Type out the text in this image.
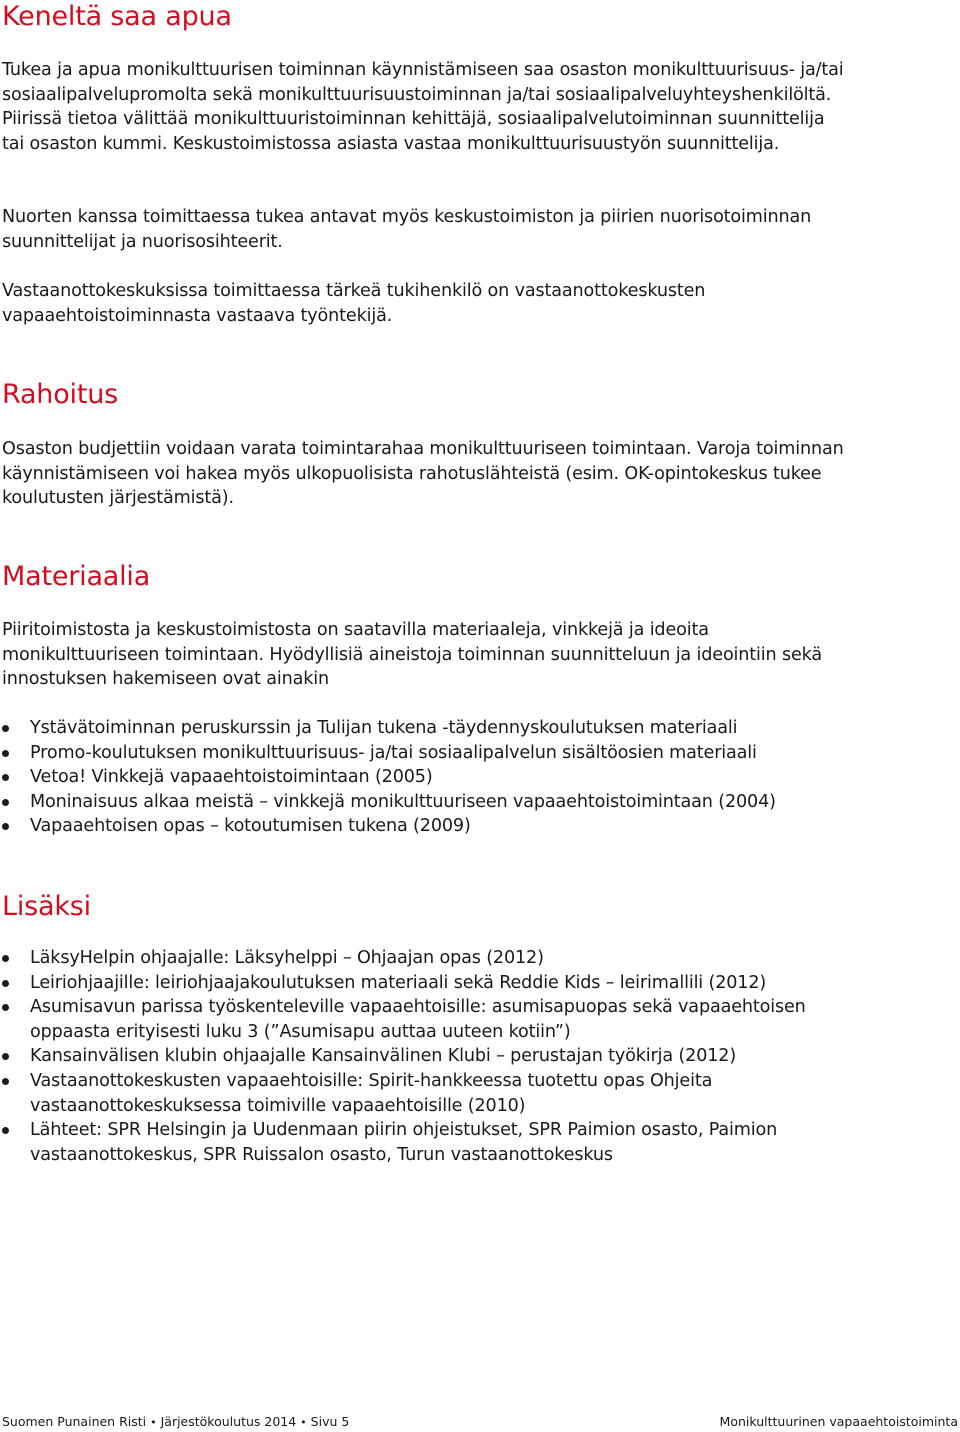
Keneltä saa apua

Tukea ja apua monikulttuurisen toiminnan käynnistämiseen saa osaston monikulttuurisuus- ja/tai sosiaalipalvelupromolta sekä monikulttuurisuustoiminnan ja/tai sosiaalipalveluyhteyshenkilöltä. Piirissä tietoa välittää monikulttuuristoiminnan kehittäjä, sosiaalipalvelutoiminnan suunnittelija tai osaston kummi. Keskustoimistossa asiasta vastaa monikulttuurisuustyön suunnittelija.

Nuorten kanssa toimittaessa tukea antavat myös keskustoimiston ja piirien nuorisotoiminnan suunnittelijat ja nuorisosihteerit.

Vastaanottokeskuksissa toimittaessa tärkeä tukihenkilö on vastaanottokeskusten vapaaehtoistoiminnasta vastaava työntekijä.

Rahoitus

Osaston budjettiin voidaan varata toimintarahaa monikulttuuriseen toimintaan. Varoja toiminnan käynnistämiseen voi hakea myös ulkopuolisista rahotuslähteistä (esim. OK-opintokeskus tukee koulutusten järjestämistä).

Materiaalia

Piiritoimistosta ja keskustoimistosta on saatavilla materiaaleja, vinkkejä ja ideoita monikulttuuriseen toimintaan. Hyödyllisiä aineistoja toiminnan suunnitteluun ja ideointiin sekä innostuksen hakemiseen ovat ainakin

Ystävätoiminnan peruskurssin ja Tulijan tukena -täydennyskoulutuksen materiaali
Promo-koulutuksen monikulttuurisuus- ja/tai sosiaalipalvelun sisältöosien materiaali
Vetoa! Vinkkejä vapaaehtoistoimintaan (2005)
Moninaisuus alkaa meistä – vinkkejä monikulttuuriseen vapaaehtoistoimintaan (2004)
Vapaaehtoisen opas – kotoutumisen tukena (2009)
Lisäksi
LäksyHelpin ohjaajalle: Läksyhelppi – Ohjaajan opas (2012)
Leiriohjaajille: leiriohjaajakoulutuksen materiaali sekä Reddie Kids – leirimallili (2012)
Asumisavun parissa työskenteleville vapaaehtoisille: asumisapuopas sekä vapaaehtoisen oppaasta erityisesti luku 3 (”Asumisapu auttaa uuteen kotiin”)
Kansainvälisen klubin ohjaajalle Kansainvälinen Klubi – perustajan työkirja (2012)
Vastaanottokeskusten vapaaehtoisille: Spirit-hankkeessa tuotettu opas Ohjeita vastaanottokeskuksessa toimiville vapaaehtoisille (2010)
Lähteet: SPR Helsingin ja Uudenmaan piirin ohjeistukset, SPR Paimion osasto, Paimion vastaanottokeskus, SPR Ruissalon osasto, Turun vastaanottokeskus
Suomen Punainen Risti • Järjestökoulutus 2014 • Sivu 5	Monikulttuurinen vapaaehtoistoiminta
